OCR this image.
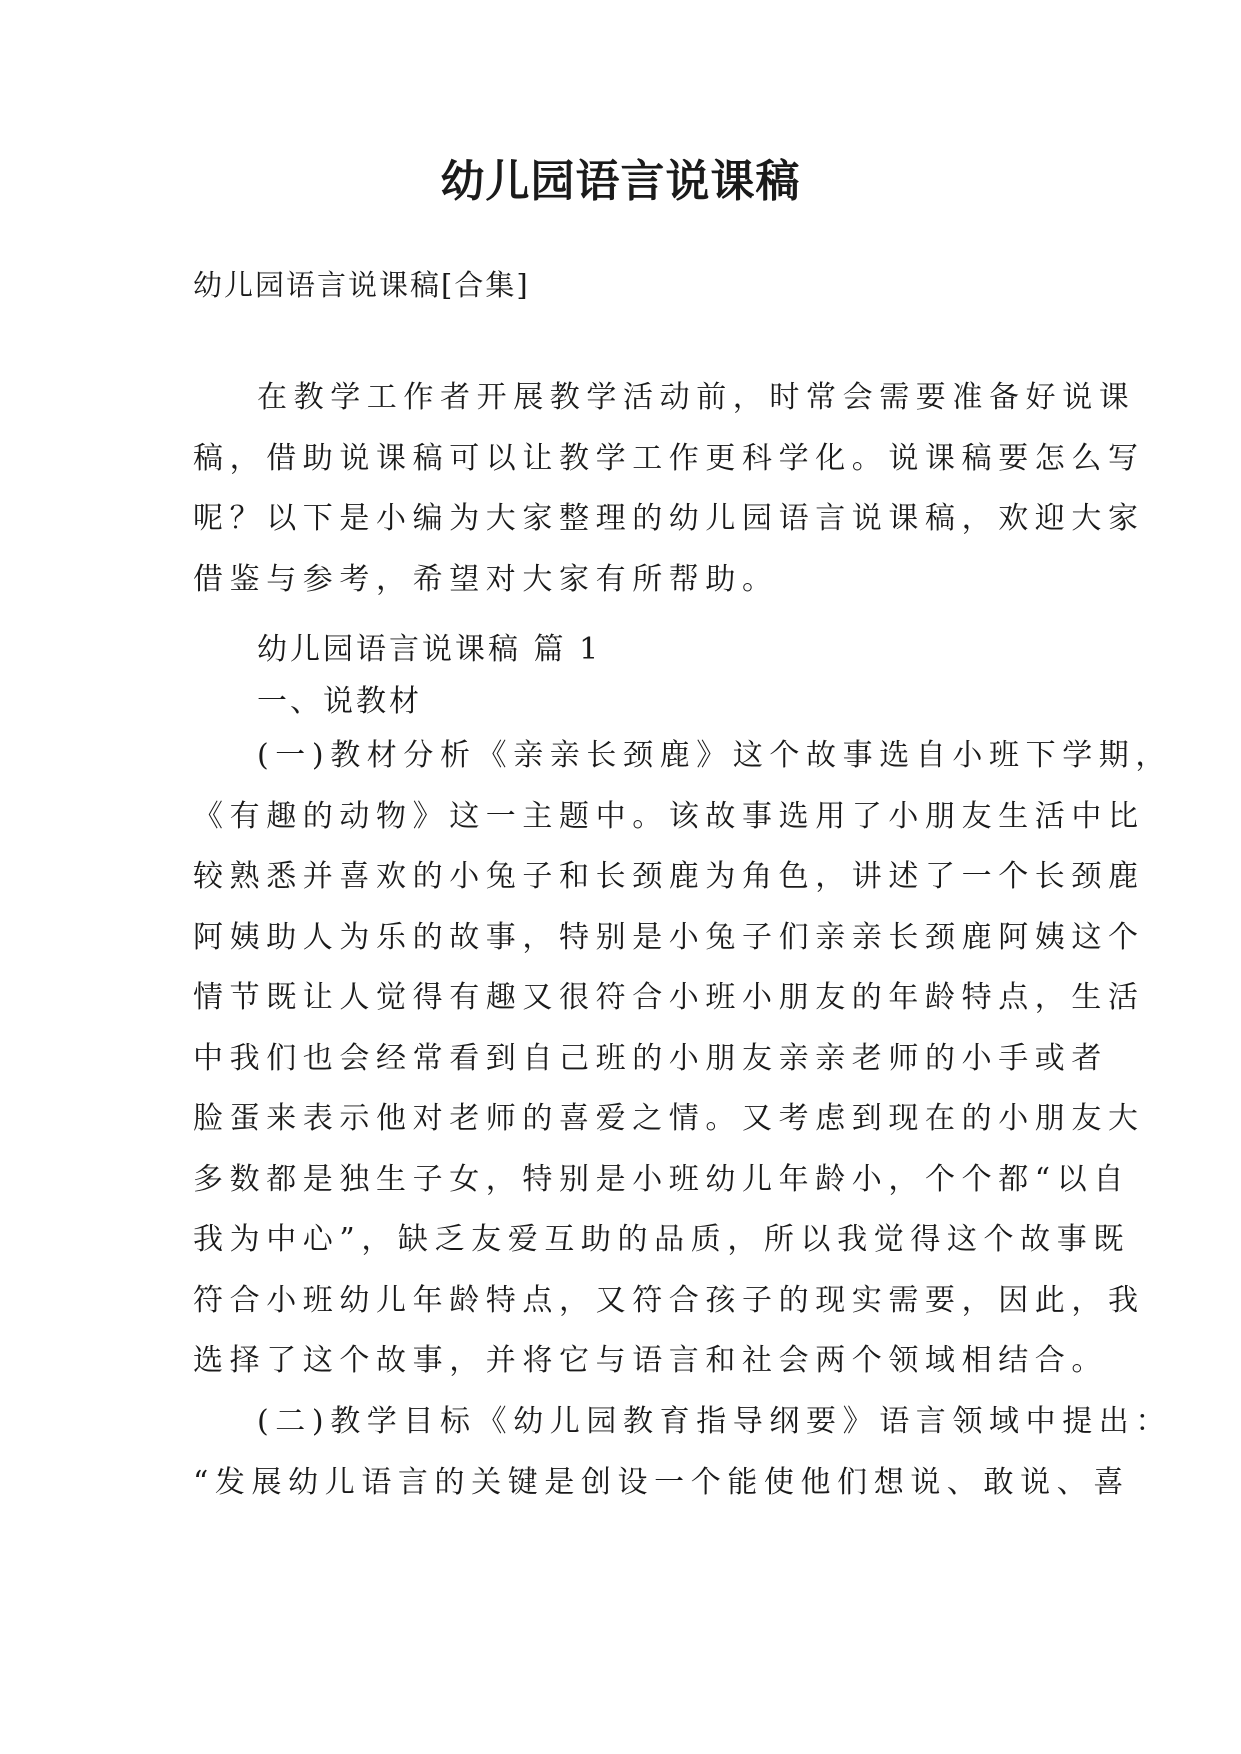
幼儿园语言说课稿
幼儿园语言说课稿[合集]
在教学工作者开展教学活动前，时常会需要准备好说课
稿，借助说课稿可以让教学工作更科学化。说课稿要怎么写
呢？以下是小编为大家整理的幼儿园语言说课稿，欢迎大家
借鉴与参考，希望对大家有所帮助。
幼儿园语言说课稿 篇 1
一、说教材
(一)教材分析《亲亲长颈鹿》这个故事选自小班下学期，
《有趣的动物》这一主题中。该故事选用了小朋友生活中比
较熟悉并喜欢的小兔子和长颈鹿为角色，讲述了一个长颈鹿
阿姨助人为乐的故事，特别是小兔子们亲亲长颈鹿阿姨这个
情节既让人觉得有趣又很符合小班小朋友的年龄特点，生活
中我们也会经常看到自己班的小朋友亲亲老师的小手或者
脸蛋来表示他对老师的喜爱之情。又考虑到现在的小朋友大
多数都是独生子女，特别是小班幼儿年龄小，个个都“以自
我为中心”，缺乏友爱互助的品质，所以我觉得这个故事既
符合小班幼儿年龄特点，又符合孩子的现实需要，因此，我
选择了这个故事，并将它与语言和社会两个领域相结合。
(二)教学目标《幼儿园教育指导纲要》语言领域中提出：
“发展幼儿语言的关键是创设一个能使他们想说、敢说、喜
